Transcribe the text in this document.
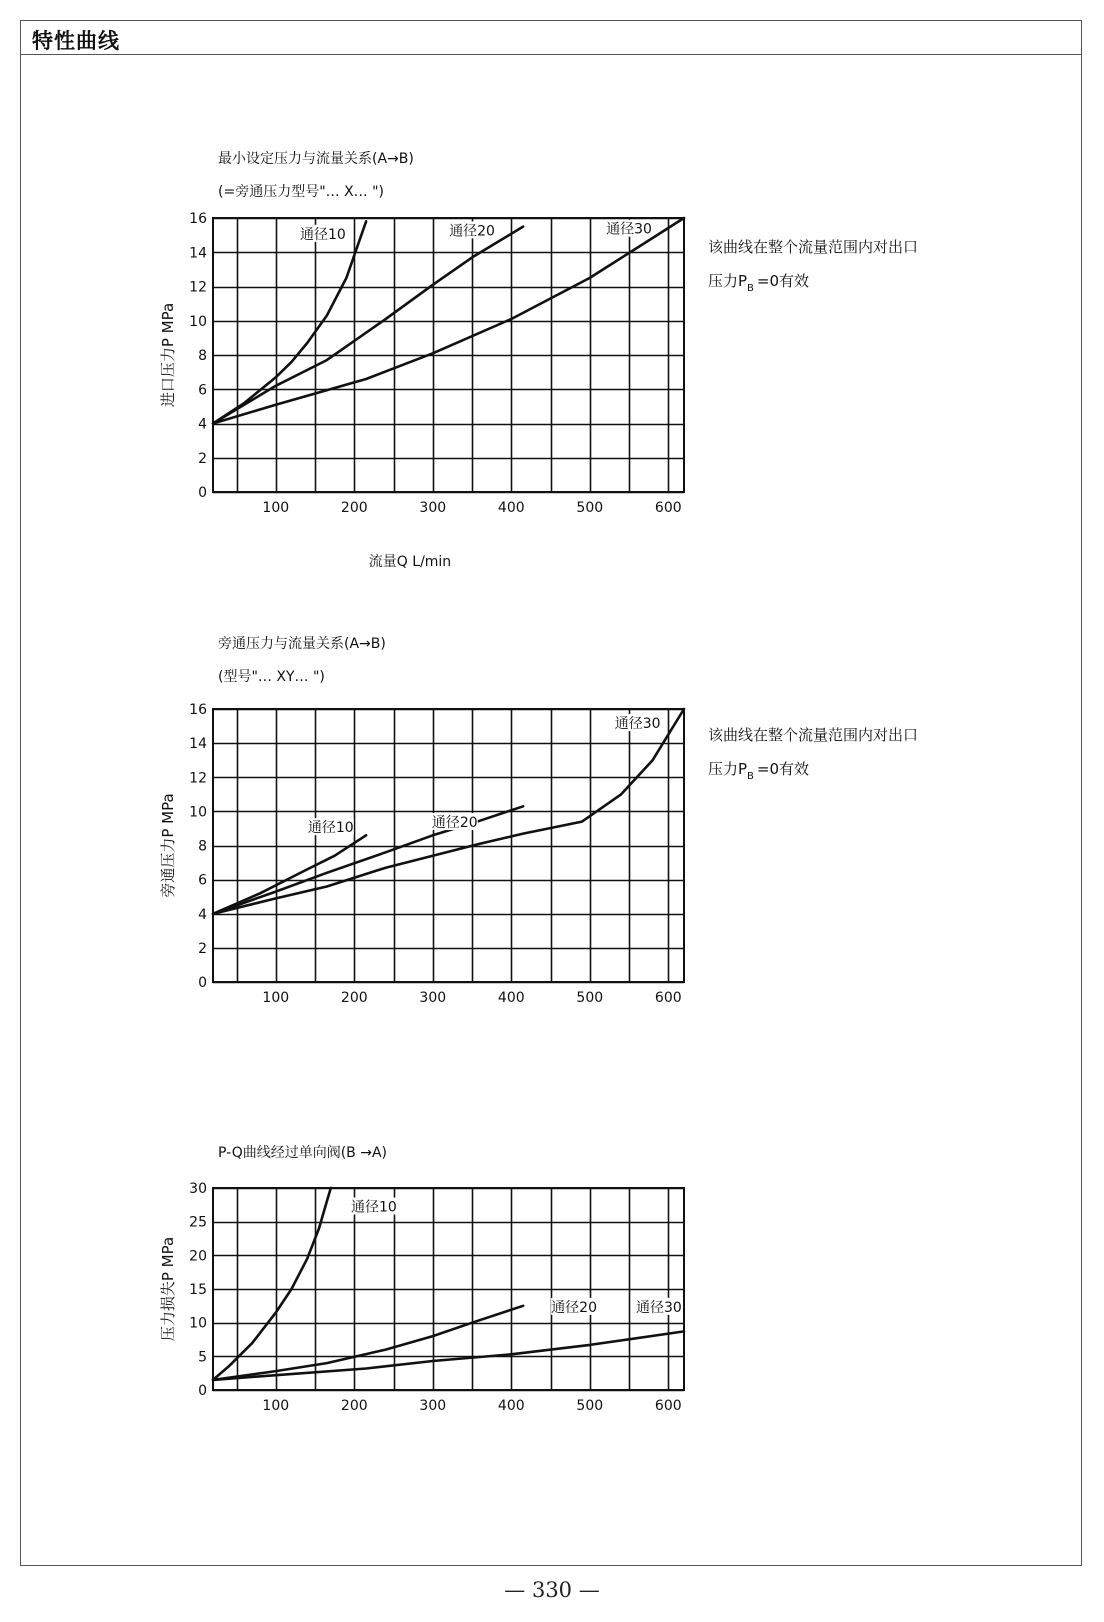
特性曲线
最小设定压力与流量关系(A→B)
(=旁通压力型号"… X… ")
0
2
4
6
8
10
12
14
16
100	200	300	400	500	600
进口压力P MPa
流量Q L/min
通径10	通径20	通径30
该曲线在整个流量范围内对出口
压力$P_B =0$有效
旁通压力与流量关系(A→B)
(型号"… XY… ")
0
2
4
6
8
10
12
14
16
100	200	300	400	500	600
旁通压力P MPa	通径10	通径20
通径30
该曲线在整个流量范围内对出口
压力$P_B =0$有效
P-Q曲线经过单向阀(B →A)
0
5
10
15
20
25
30
100	200	300	400	500	600
压力损失P MPa
通径10
通径20	通径30
— 330 —
